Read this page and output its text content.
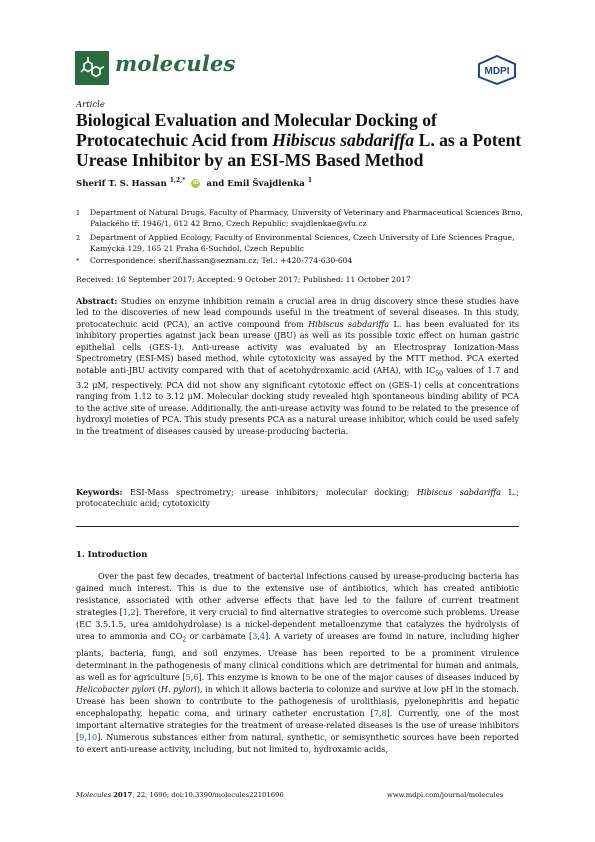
molecules	MDPI
Article
Biological Evaluation and Molecular Docking of Protocatechuic Acid from Hibiscus sabdariffa L. as a Potent Urease Inhibitor by an ESI-MS Based Method
Sherif T. S. Hassan $^{1,2,*}$ iD and Emil Švajdlenka $^1$
1 Department of Natural Drugs, Faculty of Pharmacy, University of Veterinary and Pharmaceutical Sciences Brno, Palackého tř. 1946/1, 612 42 Brno, Czech Republic; svajdlenkae@vfu.cz
2 Department of Applied Ecology, Faculty of Environmental Sciences, Czech University of Life Sciences Prague, Kamýcká 129, 165 21 Praha 6-Suchdol, Czech Republic
* Correspondence: sherif.hassan@seznam.cz; Tel.: +420-774-630-604
Received: 16 September 2017; Accepted: 9 October 2017; Published: 11 October 2017
Abstract: Studies on enzyme inhibition remain a crucial area in drug discovery since these studies have led to the discoveries of new lead compounds useful in the treatment of several diseases. In this study, protocatechuic acid (PCA), an active compound from Hibiscus sabdariffa L. has been evaluated for its inhibitory properties against jack bean urease (JBU) as well as its possible toxic effect on human gastric epithelial cells (GES-1). Anti-urease activity was evaluated by an Electrospray Ionization-Mass Spectrometry (ESI-MS) based method, while cytotoxicity was assayed by the MTT method. PCA exerted notable anti-JBU activity compared with that of acetohydroxamic acid (AHA), with $IC_{50}$ values of 1.7 and 3.2 μM, respectively. PCA did not show any significant cytotoxic effect on (GES-1) cells at concentrations ranging from 1.12 to 3.12 μM. Molecular docking study revealed high spontaneous binding ability of PCA to the active site of urease. Additionally, the anti-urease activity was found to be related to the presence of hydroxyl moieties of PCA. This study presents PCA as a natural urease inhibitor, which could be used safely in the treatment of diseases caused by urease-producing bacteria.
Keywords: ESI-Mass spectrometry; urease inhibitors; molecular docking; Hibiscus sabdariffa L.; protocatechuic acid; cytotoxicity
1. Introduction
Over the past few decades, treatment of bacterial infections caused by urease-producing bacteria has gained much interest. This is due to the extensive use of antibiotics, which has created antibiotic resistance, associated with other adverse effects that have led to the failure of current treatment strategies [1,2]. Therefore, it very crucial to find alternative strategies to overcome such problems. Urease (EC 3.5.1.5, urea amidohydrolase) is a nickel-dependent metalloenzyme that catalyzes the hydrolysis of urea to ammonia and $CO_2$ or carbamate [3,4]. A variety of ureases are found in nature, including higher plants, bacteria, fungi, and soil enzymes. Urease has been reported to be a prominent virulence determinant in the pathogenesis of many clinical conditions which are detrimental for human and animals, as well as for agriculture [5,6]. This enzyme is known to be one of the major causes of diseases induced by Helicobacter pylori (H. pylori), in which it allows bacteria to colonize and survive at low pH in the stomach. Urease has been shown to contribute to the pathogenesis of urolithiasis, pyelonephritis and hepatic encephalopathy, hepatic coma, and urinary catheter encrustation [7,8]. Currently, one of the most important alternative strategies for the treatment of urease-related diseases is the use of urease inhibitors [9,10]. Numerous substances either from natural, synthetic, or semisynthetic sources have been reported to exert anti-urease activity, including, but not limited to, hydroxamic acids,
Molecules 2017, 22, 1696; doi:10.3390/molecules22101696	www.mdpi.com/journal/molecules
